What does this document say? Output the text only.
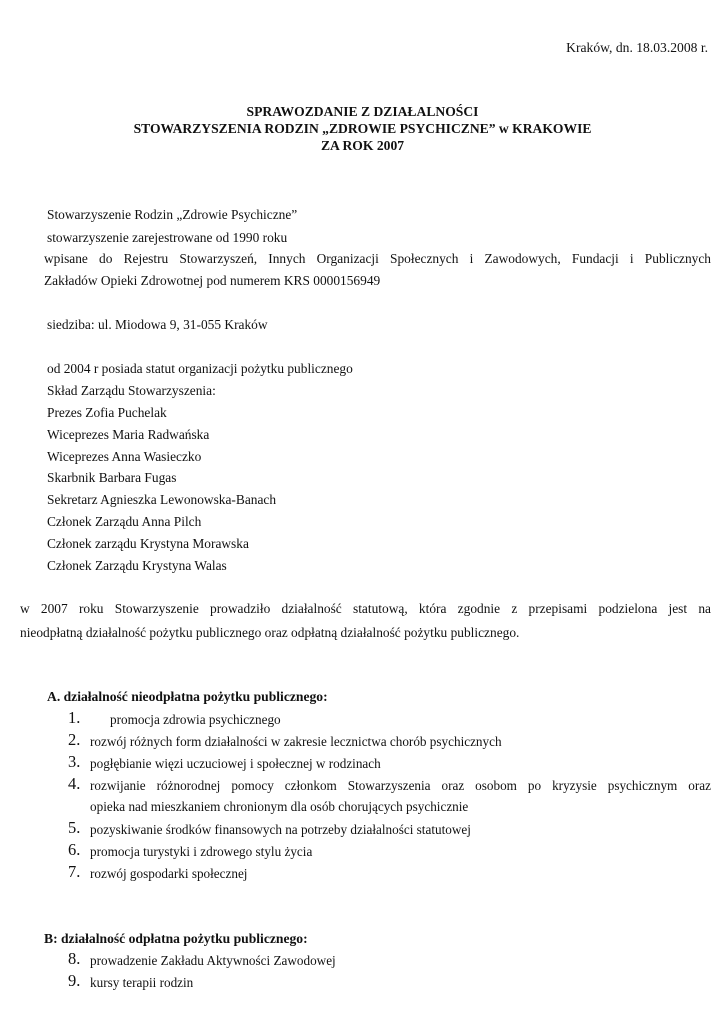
Kraków, dn. 18.03.2008 r.
SPRAWOZDANIE Z DZIAŁALNOŚCI
STOWARZYSZENIA RODZIN „ZDROWIE PSYCHICZNE” w KRAKOWIE
ZA ROK 2007
Stowarzyszenie Rodzin „Zdrowie Psychiczne”
stowarzyszenie zarejestrowane od 1990 roku
wpisane do Rejestru Stowarzyszeń, Innych Organizacji Społecznych i Zawodowych, Fundacji i Publicznych
Zakładów Opieki Zdrowotnej pod numerem KRS 0000156949
siedziba: ul. Miodowa 9, 31-055 Kraków
od 2004 r posiada statut organizacji pożytku publicznego
Skład Zarządu Stowarzyszenia:
Prezes Zofia Puchelak
Wiceprezes Maria Radwańska
Wiceprezes Anna Wasieczko
Skarbnik Barbara Fugas
Sekretarz Agnieszka Lewonowska-Banach
Członek Zarządu Anna Pilch
Członek zarządu Krystyna Morawska
Członek Zarządu Krystyna Walas
w 2007 roku Stowarzyszenie prowadziło działalność statutową, która zgodnie z przepisami podzielona jest na
nieodpłatną działalność pożytku publicznego oraz odpłatną działalność pożytku publicznego.
A. działalność nieodpłatna pożytku publicznego:
1. promocja zdrowia psychicznego
2. rozwój różnych form działalności w zakresie lecznictwa chorób psychicznych
3. pogłębianie więzi uczuciowej i społecznej w rodzinach
4. rozwijanie różnorodnej pomocy członkom Stowarzyszenia oraz osobom po kryzysie psychicznym oraz
opieka nad mieszkaniem chronionym dla osób chorujących psychicznie
5. pozyskiwanie środków finansowych na potrzeby działalności statutowej
6. promocja turystyki i zdrowego stylu życia
7. rozwój gospodarki społecznej
B: działalność odpłatna pożytku publicznego:
8. prowadzenie Zakładu Aktywności Zawodowej
9. kursy terapii rodzin
